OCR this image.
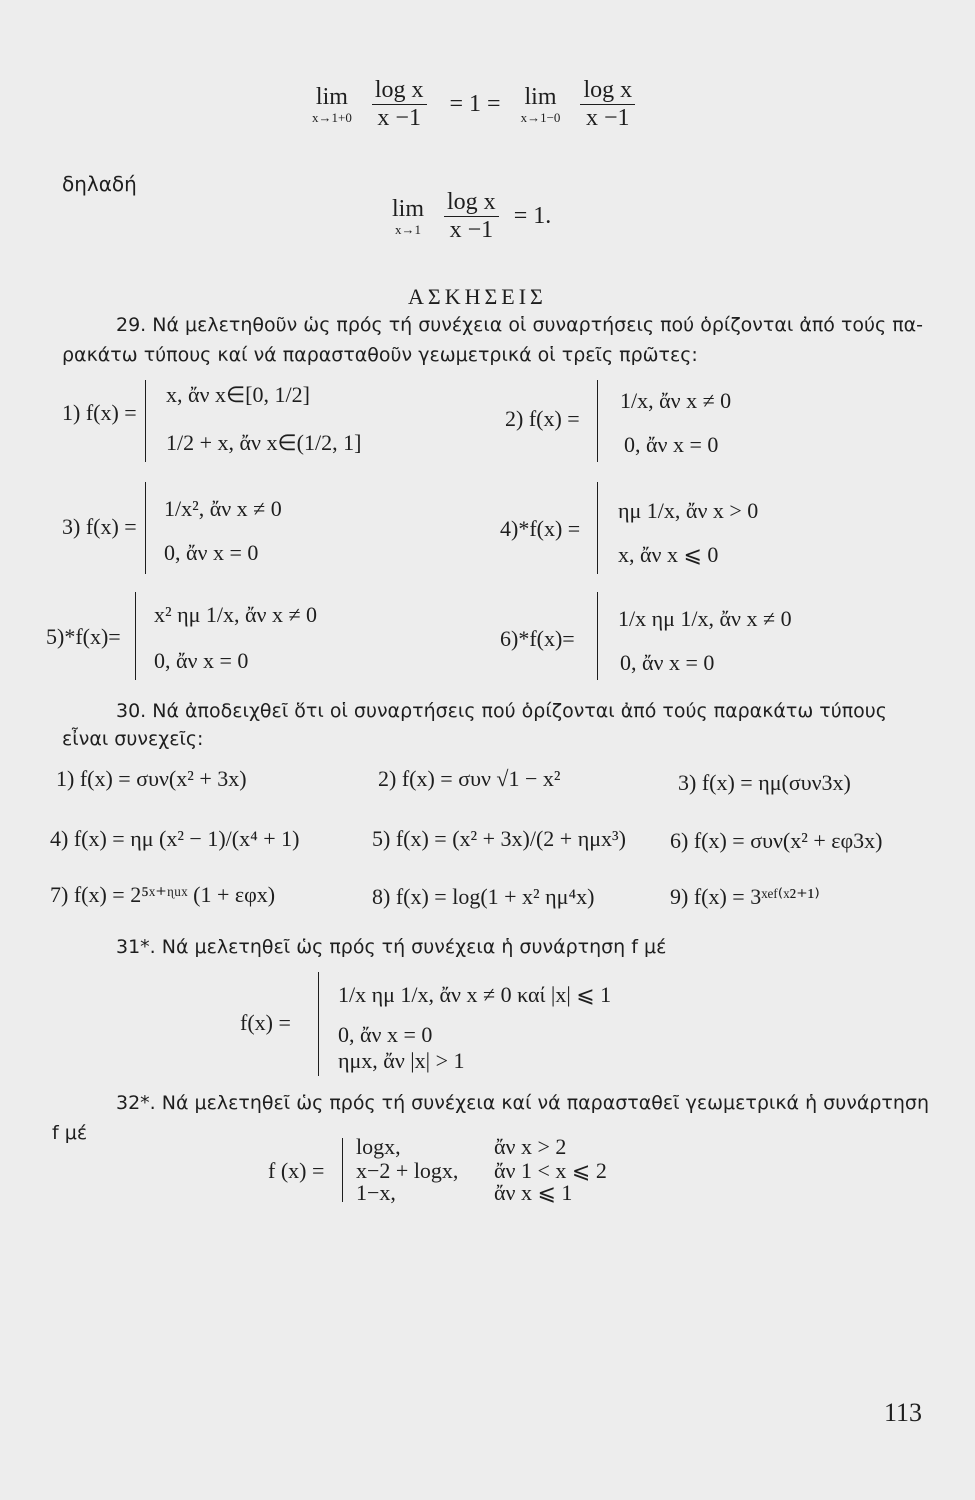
lim
x→1+0
$\frac{\text{log x}}{x -1} = 1 = \lim$
x→1−0
$\frac{\text{log x}}{x -1}$
δηλαδή
lim
x→1
$\frac{\text{log x}}{x -1} = 1$.
ΑΣΚΗΣΕΙΣ
29. Νά μελετηθοῦν ὡς πρός τή συνέχεια οἱ συναρτήσεις πού ὁρίζονται ἀπό τούς πα-
ρακάτω τύπους καί νά παρασταθοῦν γεωμετρικά οἱ τρεῖς πρῶτες:
1) f(x) =
x, ἄν x∈[0, 1/2]
1/2 + x, ἄν x∈(1/2, 1]
2) f(x) =
1/x, ἄν x ≠ 0
0, ἄν x = 0
3) f(x) =
1/x², ἄν x ≠ 0
0, ἄν x = 0
4)*f(x) =
ημ 1/x, ἄν x > 0
x, ἄν x ⩽ 0
5)*f(x)=
x² ημ 1/x, ἄν x ≠ 0
0, ἄν x = 0
6)*f(x)=
1/x ημ 1/x, ἄν x ≠ 0
0, ἄν x = 0
30. Νά ἀποδειχθεῖ ὅτι οἱ συναρτήσεις πού ὁρίζονται ἀπό τούς παρακάτω τύπους
εἶναι συνεχεῖς:
1) f(x) = συν(x² + 3x)	2) f(x) = συν √1 − x²	3) f(x) = ημ(συν3x)
4) f(x) = ημ (x² − 1)/(x⁴ + 1)	5) f(x) = (x² + 3x)/(2 + ημx³) 6) f(x) = συν(x² + εφ3x)
7) f(x) = 2⁵ˣ⁺ᶯᵘˣ (1 + εφx)	8) f(x) = log(1 + x² ημ⁴x)	9) f(x) = 3ˣᵉᶠ⁽ˣ²⁺¹⁾
31*. Νά μελετηθεῖ ὡς πρός τή συνέχεια ἡ συνάρτηση f μέ
f(x) =
1/x ημ 1/x, ἄν x ≠ 0 καί |x| ⩽ 1
0, ἄν x = 0
ημx, ἄν |x| > 1
32*. Νά μελετηθεῖ ὡς πρός τή συνέχεια καί νά παρασταθεῖ γεωμετρικά ἡ συνάρτηση
f μέ
f (x) =
logx,	ἄν x > 2
x−2 + logx, ἄν 1 < x ⩽ 2
1−x,	ἄν x ⩽ 1
113
